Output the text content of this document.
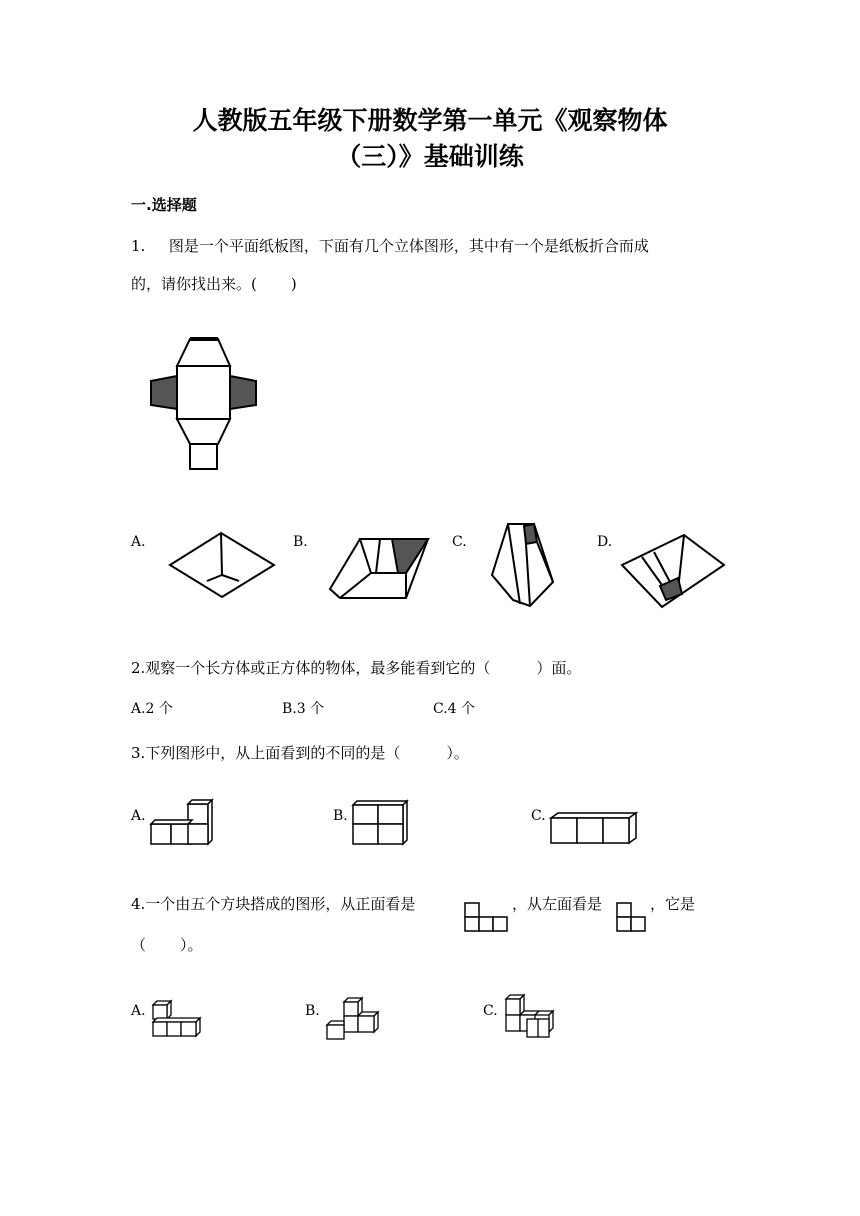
人教版五年级下册数学第一单元《观察物体
（三）》基础训练
一.选择题
1. 图是一个平面纸板图，下面有几个立体图形，其中有一个是纸板折合而成
的，请你找出来。( )
A.	B.	C.	D.
2.观察一个长方体或正方体的物体，最多能看到它的（	）面。
A.2 个	B.3 个	C.4 个
3.下列图形中，从上面看到的不同的是（	）。
A.	B.	C.
4.一个由五个方块搭成的图形，从正面看是	，从左面看是	，它是
（ ）。
A.	B.	C.
